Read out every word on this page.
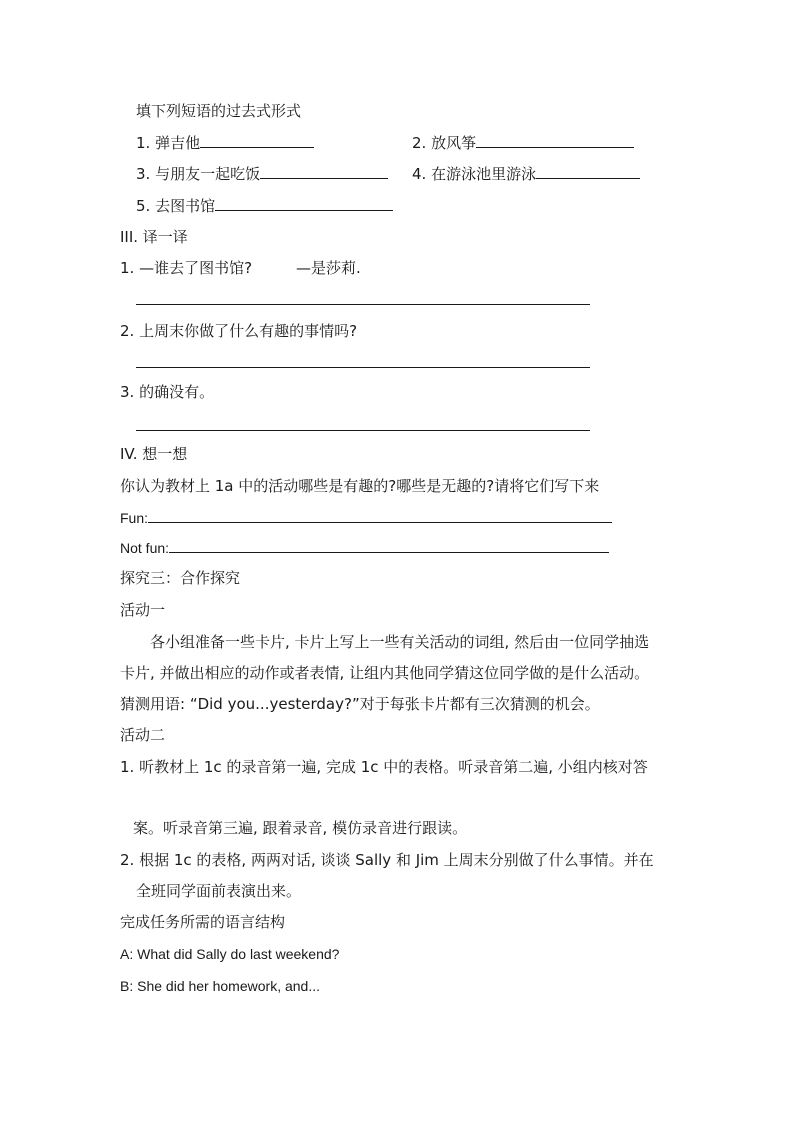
填下列短语的过去式形式
1. 弹吉他	2. 放风筝
3. 与朋友一起吃饭	4. 在游泳池里游泳
5. 去图书馆
III. 译一译
1. —谁去了图书馆?	—是莎莉.
2. 上周末你做了什么有趣的事情吗?
3. 的确没有。
IV. 想一想
你认为教材上 1a 中的活动哪些是有趣的?哪些是无趣的?请将它们写下来
Fun:
Not fun:
探究三：合作探究
活动一
各小组准备一些卡片, 卡片上写上一些有关活动的词组, 然后由一位同学抽选卡片, 并做出相应的动作或者表情, 让组内其他同学猜这位同学做的是什么活动。猜测用语: “Did you...yesterday?”对于每张卡片都有三次猜测的机会。
活动二
1. 听教材上 1c 的录音第一遍, 完成 1c 中的表格。听录音第二遍, 小组内核对答
案。听录音第三遍, 跟着录音, 模仿录音进行跟读。
2. 根据 1c 的表格, 两两对话, 谈谈 Sally 和 Jim 上周末分别做了什么事情。并在
全班同学面前表演出来。
完成任务所需的语言结构
A: What did Sally do last weekend?
B: She did her homework, and...
